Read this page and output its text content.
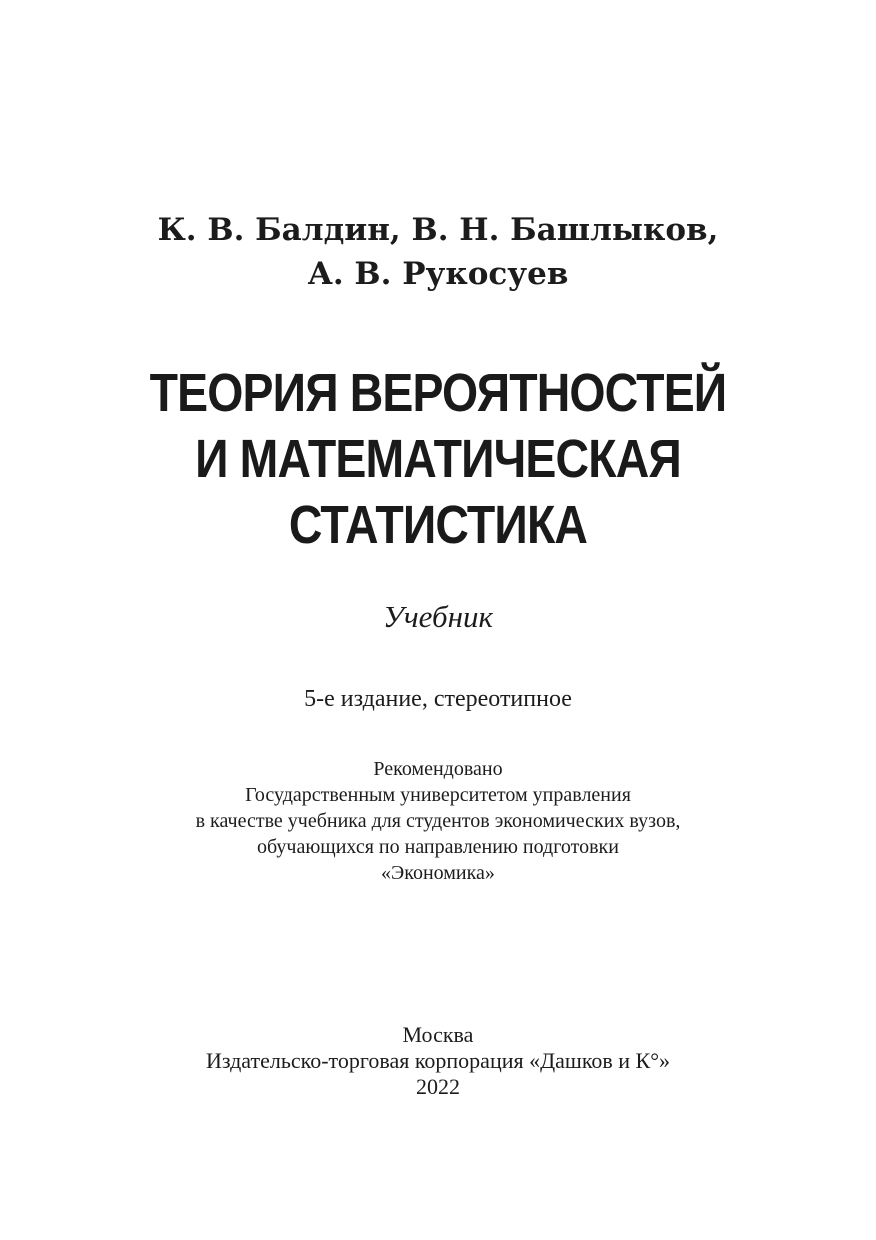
К. В. Балдин, В. Н. Башлыков,
А. В. Рукосуев
ТЕОРИЯ ВЕРОЯТНОСТЕЙ
И МАТЕМАТИЧЕСКАЯ
СТАТИСТИКА
Учебник
5-е издание, стереотипное
Рекомендовано
Государственным университетом управления
в качестве учебника для студентов экономических вузов,
обучающихся по направлению подготовки
«Экономика»
Москва
Издательско-торговая корпорация «Дашков и К°»
2022
